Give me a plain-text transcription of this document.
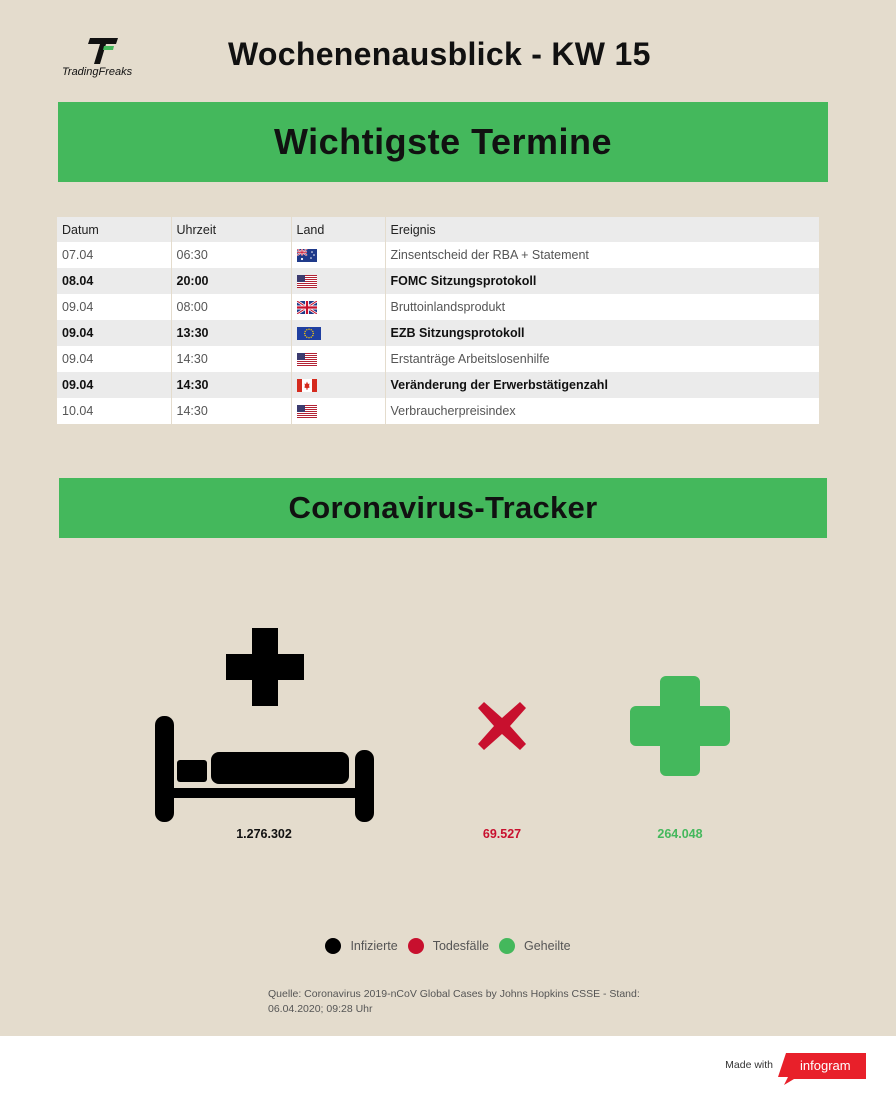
TradingFreaks	Wochenenausblick - KW 15
Wichtigste Termine
Datum	Uhrzeit	Land	Ereignis
07.04	06:30		Zinsentscheid der RBA + Statement
08.04	20:00		FOMC Sitzungsprotokoll
09.04	08:00		Bruttoinlandsprodukt
09.04	13:30		EZB Sitzungsprotokoll
09.04	14:30		Erstanträge Arbeitslosenhilfe
09.04	14:30		Veränderung der Erwerbstätigenzahl
10.04	14:30		Verbraucherpreisindex
Coronavirus-Tracker
1.276.302	69.527	264.048
Infizierte	Todesfälle	Geheilte
Quelle: Coronavirus 2019-nCoV Global Cases by Johns Hopkins CSSE - Stand: 06.04.2020; 09:28 Uhr
Made with infogram
